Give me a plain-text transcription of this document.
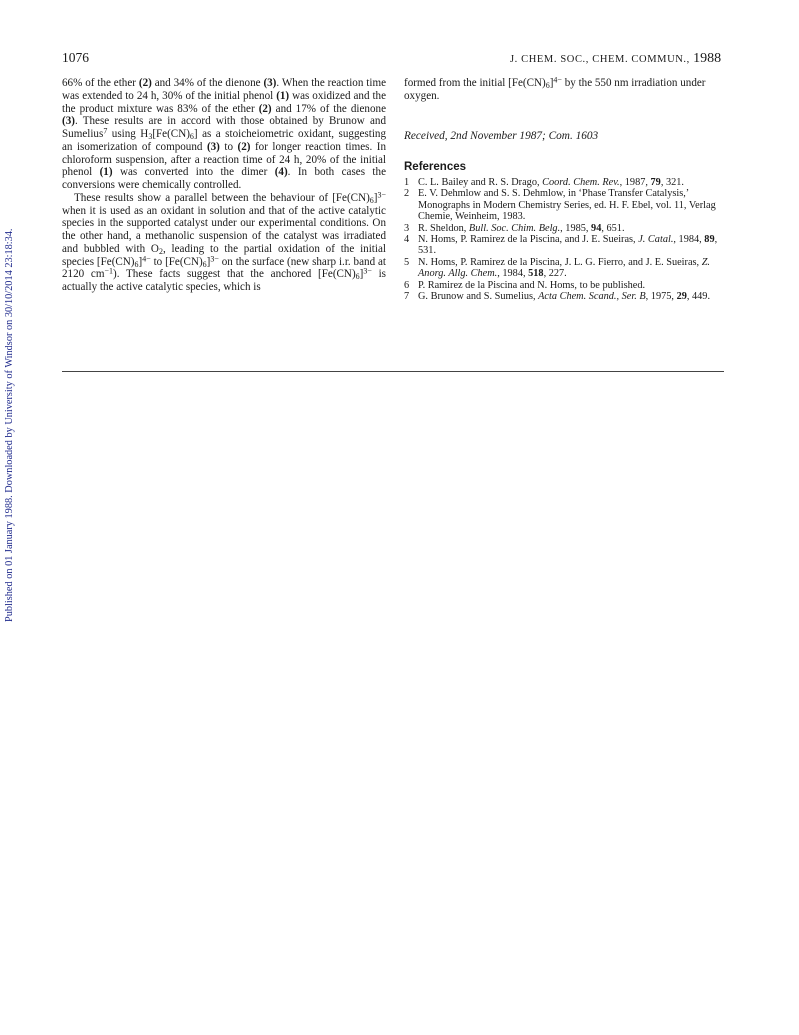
1076	J. CHEM. SOC., CHEM. COMMUN., 1988

66% of the ether (2) and 34% of the dienone (3). When the reaction time was extended to 24 h, 30% of the initial phenol (1) was oxidized and the the product mixture was 83% of the ether (2) and 17% of the dienone (3). These results are in accord with those obtained by Brunow and Sumelius$^7$ using $H_3[Fe(CN)_6]$ as a stoicheiometric oxidant, suggesting an isomerization of compound (3) to (2) for longer reaction times. In chloroform suspension, after a reaction time of 24 h, 20% of the initial phenol (1) was converted into the dimer (4). In both cases the conversions were chemically controlled.

These results show a parallel between the behaviour of $[Fe(CN)_6]^{3-}$ when it is used as an oxidant in solution and that of the active catalytic species in the supported catalyst under our experimental conditions. On the other hand, a methanolic suspension of the catalyst was irradiated and bubbled with $O_2$, leading to the partial oxidation of the initial species $[Fe(CN)_6]^{4-}$ to $[Fe(CN)_6]^{3-}$ on the surface (new sharp i.r. band at 2120 $cm^{-1}$). These facts suggest that the anchored $[Fe(CN)_6]^{3-}$ is actually the active catalytic species, which is

formed from the initial $[Fe(CN)_6]^{4-}$ by the 550 nm irradiation under oxygen.

Received, 2nd November 1987; Com. 1603

References
1 C. L. Bailey and R. S. Drago, Coord. Chem. Rev., 1987, 79, 321.
2 E. V. Dehmlow and S. S. Dehmlow, in ‘Phase Transfer Catalysis,’ Monographs in Modern Chemistry Series, ed. H. F. Ebel, vol. 11, Verlag Chemie, Weinheim, 1983.
3 R. Sheldon, Bull. Soc. Chim. Belg., 1985, 94, 651.
4 N. Homs, P. Ramirez de la Piscina, and J. E. Sueiras, J. Catal., 1984, 89, 531.
5 N. Homs, P. Ramirez de la Piscina, J. L. G. Fierro, and J. E. Sueiras, Z. Anorg. Allg. Chem., 1984, 518, 227.
6 P. Ramirez de la Piscina and N. Homs, to be published.
7 G. Brunow and S. Sumelius, Acta Chem. Scand., Ser. B, 1975, 29, 449.
Published on 01 January 1988. Downloaded by University of Windsor on 30/10/2014 23:18:34.
